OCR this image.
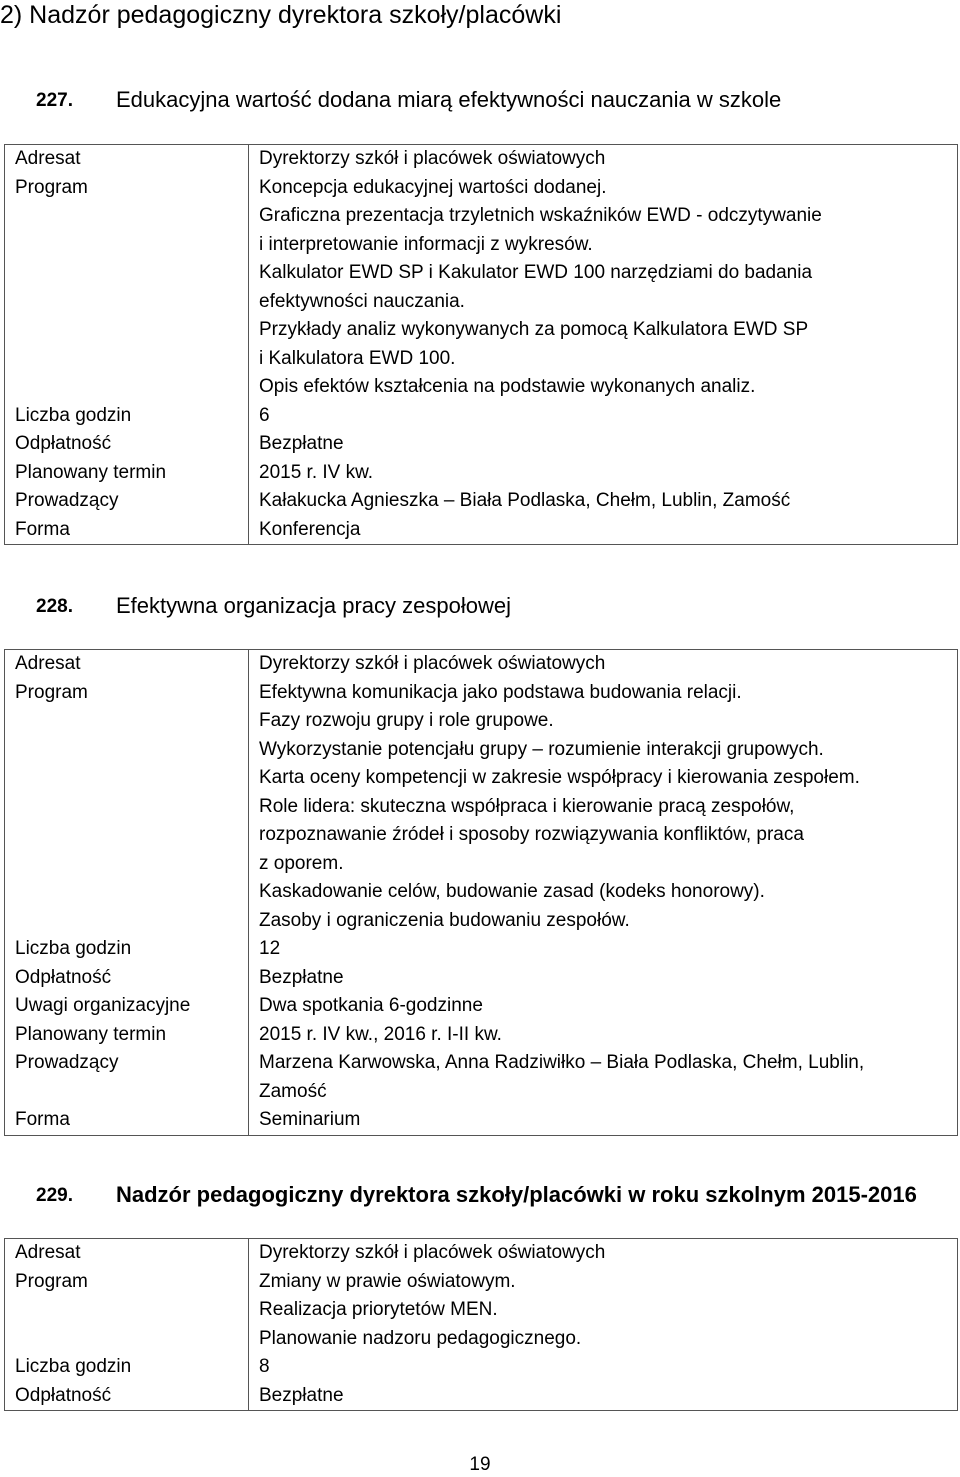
2) Nadzór pedagogiczny dyrektora szkoły/placówki
227. Edukacyjna wartość dodana miarą efektywności nauczania w szkole
Adresat	Dyrektorzy szkół i placówek oświatowych
Program	Koncepcja edukacyjnej wartości dodanej.
Graficzna prezentacja trzyletnich wskaźników EWD - odczytywanie
i interpretowanie informacji z wykresów.
Kalkulator EWD SP i Kakulator EWD 100 narzędziami do badania
efektywności nauczania.
Przykłady analiz wykonywanych za pomocą Kalkulatora EWD SP
i Kalkulatora EWD 100.
Opis efektów kształcenia na podstawie wykonanych analiz.
Liczba godzin	6
Odpłatność	Bezpłatne
Planowany termin	2015 r. IV kw.
Prowadzący	Kałakucka Agnieszka – Biała Podlaska, Chełm, Lublin, Zamość
Forma	Konferencja
228. Efektywna organizacja pracy zespołowej
Adresat	Dyrektorzy szkół i placówek oświatowych
Program	Efektywna komunikacja jako podstawa budowania relacji.
Fazy rozwoju grupy i role grupowe.
Wykorzystanie potencjału grupy – rozumienie interakcji grupowych.
Karta oceny kompetencji w zakresie współpracy i kierowania zespołem.
Role lidera: skuteczna współpraca i kierowanie pracą zespołów,
rozpoznawanie źródeł i sposoby rozwiązywania konfliktów, praca
z oporem.
Kaskadowanie celów, budowanie zasad (kodeks honorowy).
Zasoby i ograniczenia budowaniu zespołów.
Liczba godzin	12
Odpłatność	Bezpłatne
Uwagi organizacyjne	Dwa spotkania 6-godzinne
Planowany termin	2015 r. IV kw., 2016 r. I-II kw.
Prowadzący	Marzena Karwowska, Anna Radziwiłko – Biała Podlaska, Chełm, Lublin,
Zamość
Forma	Seminarium
229. Nadzór pedagogiczny dyrektora szkoły/placówki w roku szkolnym 2015-2016
Adresat	Dyrektorzy szkół i placówek oświatowych
Program	Zmiany w prawie oświatowym.
Realizacja priorytetów MEN.
Planowanie nadzoru pedagogicznego.
Liczba godzin	8
Odpłatność	Bezpłatne
19
